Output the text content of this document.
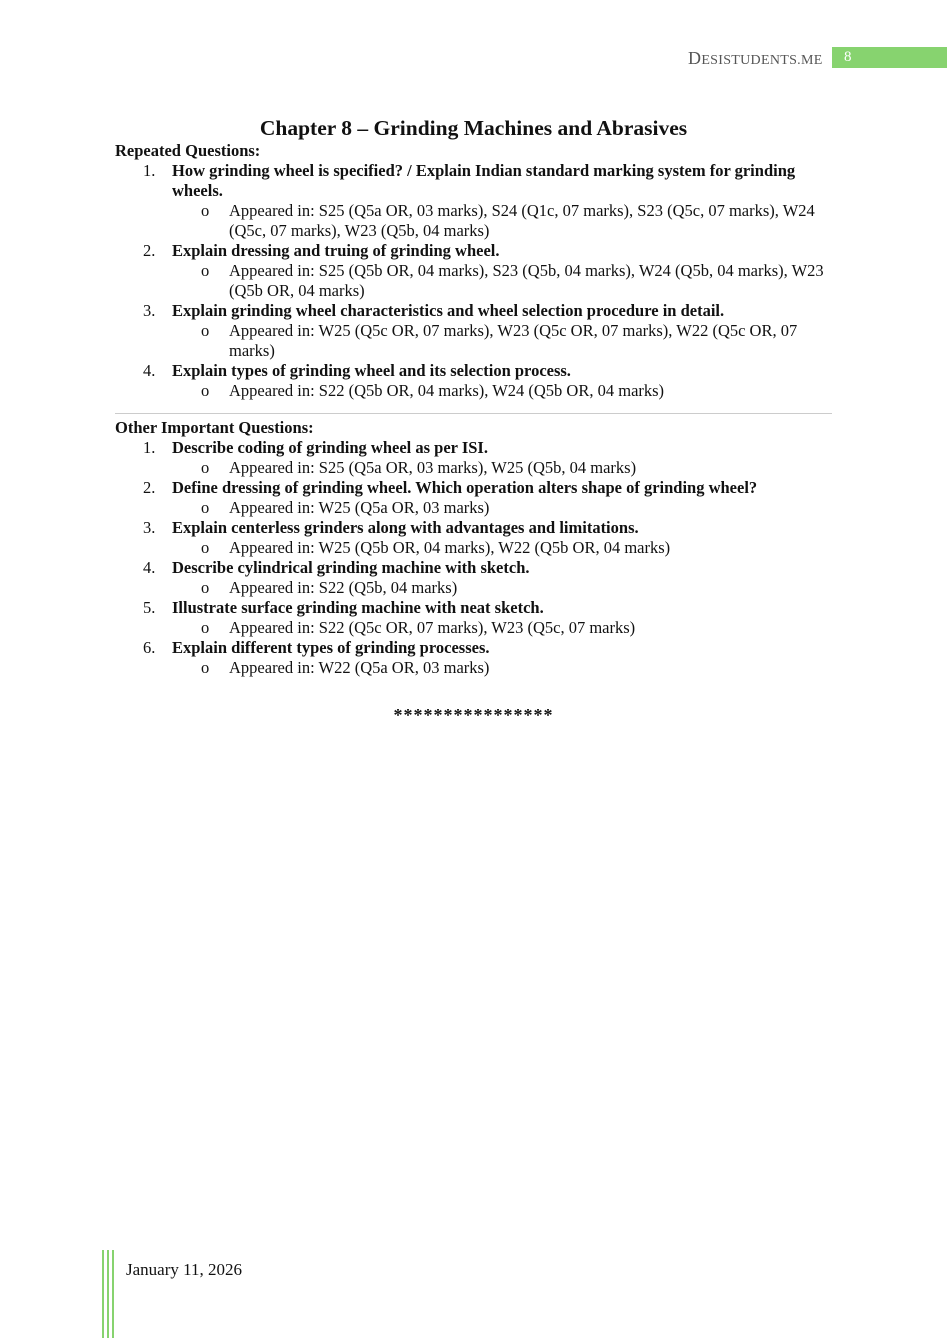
DESISTUDENTS.ME	8
Chapter 8 – Grinding Machines and Abrasives
Repeated Questions:
1. How grinding wheel is specified? / Explain Indian standard marking system for grinding wheels.
o Appeared in: S25 (Q5a OR, 03 marks), S24 (Q1c, 07 marks), S23 (Q5c, 07 marks), W24 (Q5c, 07 marks), W23 (Q5b, 04 marks)
2. Explain dressing and truing of grinding wheel.
o Appeared in: S25 (Q5b OR, 04 marks), S23 (Q5b, 04 marks), W24 (Q5b, 04 marks), W23 (Q5b OR, 04 marks)
3. Explain grinding wheel characteristics and wheel selection procedure in detail.
o Appeared in: W25 (Q5c OR, 07 marks), W23 (Q5c OR, 07 marks), W22 (Q5c OR, 07 marks)
4. Explain types of grinding wheel and its selection process.
o Appeared in: S22 (Q5b OR, 04 marks), W24 (Q5b OR, 04 marks)
Other Important Questions:
1. Describe coding of grinding wheel as per ISI.
o Appeared in: S25 (Q5a OR, 03 marks), W25 (Q5b, 04 marks)
2. Define dressing of grinding wheel. Which operation alters shape of grinding wheel?
o Appeared in: W25 (Q5a OR, 03 marks)
3. Explain centerless grinders along with advantages and limitations.
o Appeared in: W25 (Q5b OR, 04 marks), W22 (Q5b OR, 04 marks)
4. Describe cylindrical grinding machine with sketch.
o Appeared in: S22 (Q5b, 04 marks)
5. Illustrate surface grinding machine with neat sketch.
o Appeared in: S22 (Q5c OR, 07 marks), W23 (Q5c, 07 marks)
6. Explain different types of grinding processes.
o Appeared in: W22 (Q5a OR, 03 marks)
****************
January 11, 2026
